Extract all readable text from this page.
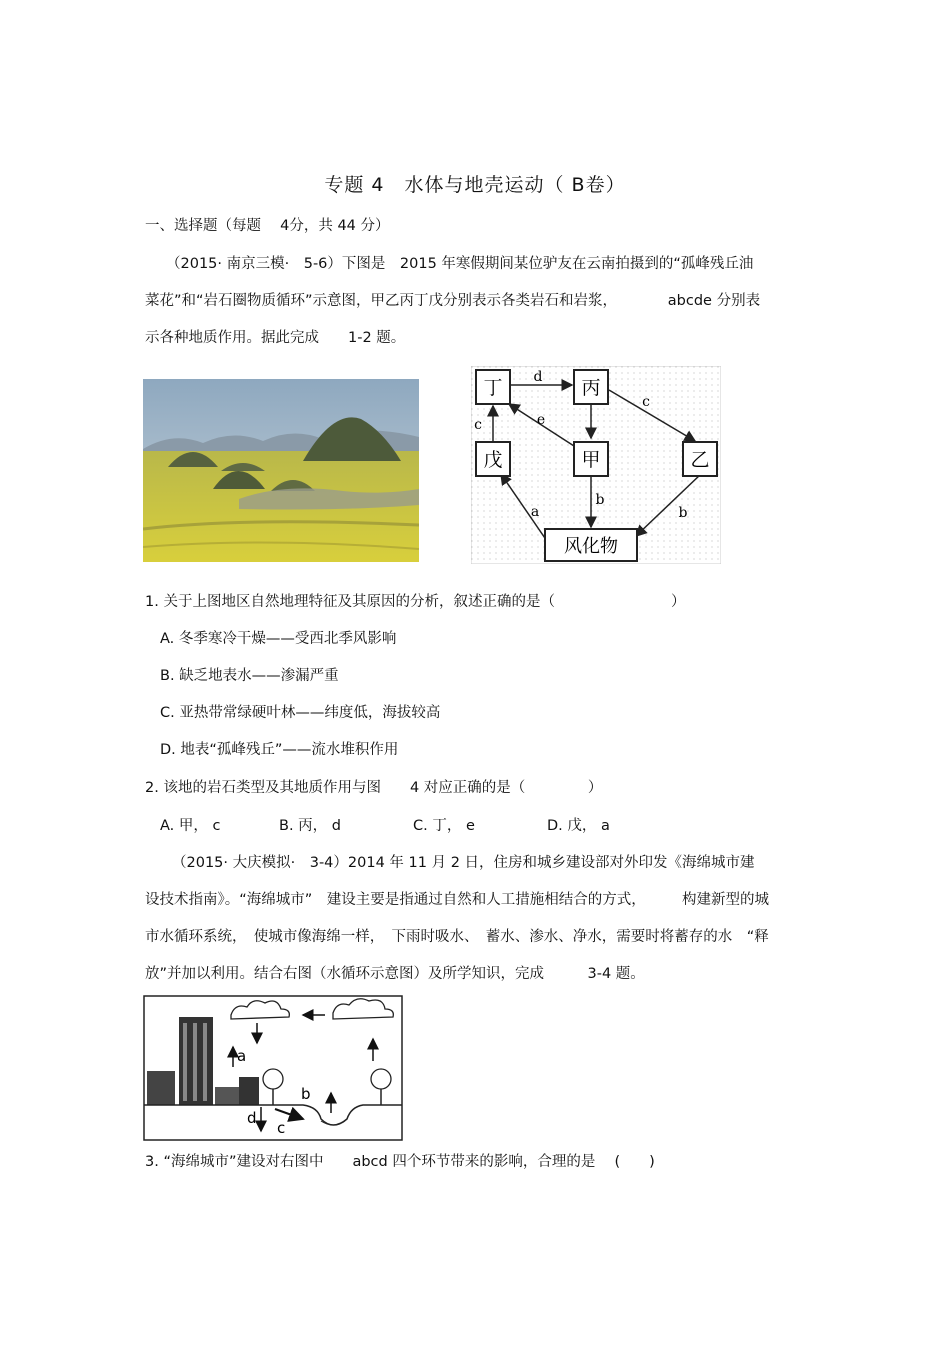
专题 4　水体与地壳运动（ B卷）
一、选择题（每题　 4分，共 44 分）
（2015· 南京三模·　5-6）下图是　2015 年寒假期间某位驴友在云南拍摄到的“孤峰残丘油
菜花”和“岩石圈物质循环”示意图，甲乙丙丁戊分别表示各类岩石和岩浆，　　　　abcde 分别表
示各种地质作用。据此完成　　1-2 题。
丁	丙
戊	甲	乙
风化物
d
c
c	e
b
b
a
1. 关于上图地区自然地理特征及其原因的分析，叙述正确的是（　　　　　　　　）
A. 冬季寒冷干燥——受西北季风影响
B. 缺乏地表水——渗漏严重
C. 亚热带常绿硬叶林——纬度低，海拔较高
D. 地表“孤峰残丘”——流水堆积作用
2. 该地的岩石类型及其地质作用与图　　4 对应正确的是（　　　　 ）
A. 甲， c	B. 丙， d	C. 丁， e	D. 戊， a
（2015· 大庆模拟·　3-4）2014 年 11 月 2 日，住房和城乡建设部对外印发《海绵城市建
设技术指南》。“海绵城市”　建设主要是指通过自然和人工措施相结合的方式，　　　构建新型的城
市水循环系统，　使城市像海绵一样，　下雨时吸水、　蓄水、渗水、净水，需要时将蓄存的水　“释
放”并加以利用。结合右图（水循环示意图）及所学知识，完成　　　3-4 题。
a
b
c
d
3. “海绵城市”建设对右图中　　abcd 四个环节带来的影响，合理的是　 (　　)
